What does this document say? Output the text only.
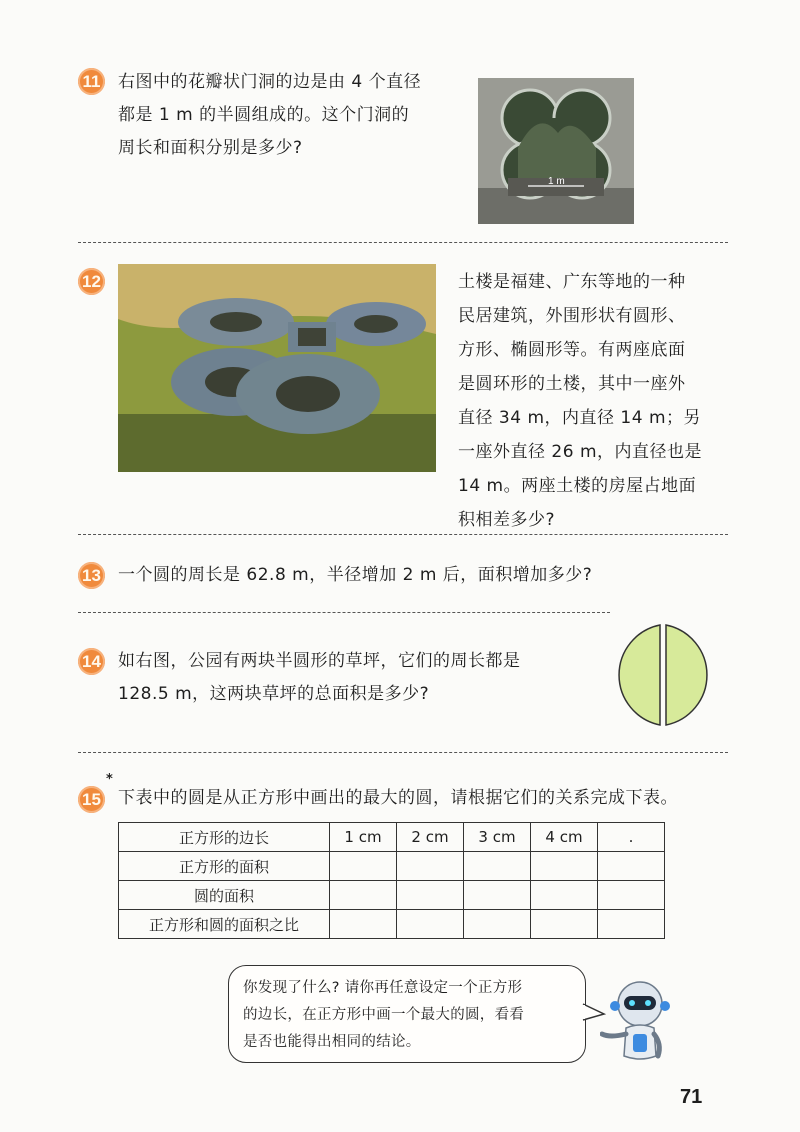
11 右图中的花瓣状门洞的边是由 4 个直径
都是 1 m 的半圆组成的。这个门洞的
周长和面积分别是多少?
1 m
12	土楼是福建、广东等地的一种
民居建筑，外围形状有圆形、
方形、椭圆形等。有两座底面
是圆环形的土楼，其中一座外
直径 34 m，内直径 14 m；另
一座外直径 26 m，内直径也是
14 m。两座土楼的房屋占地面
积相差多少?
13 一个圆的周长是 62.8 m，半径增加 2 m 后，面积增加多少?
14 如右图，公园有两块半圆形的草坪，它们的周长都是
128.5 m，这两块草坪的总面积是多少?
15
*
下表中的圆是从正方形中画出的最大的圆，请根据它们的关系完成下表。
正方形的边长	1 cm	2 cm	3 cm	4 cm	.
正方形的面积					
圆的面积					
正方形和圆的面积之比					
你发现了什么? 请你再任意设定一个正方形
的边长，在正方形中画一个最大的圆，看看
是否也能得出相同的结论。
71
